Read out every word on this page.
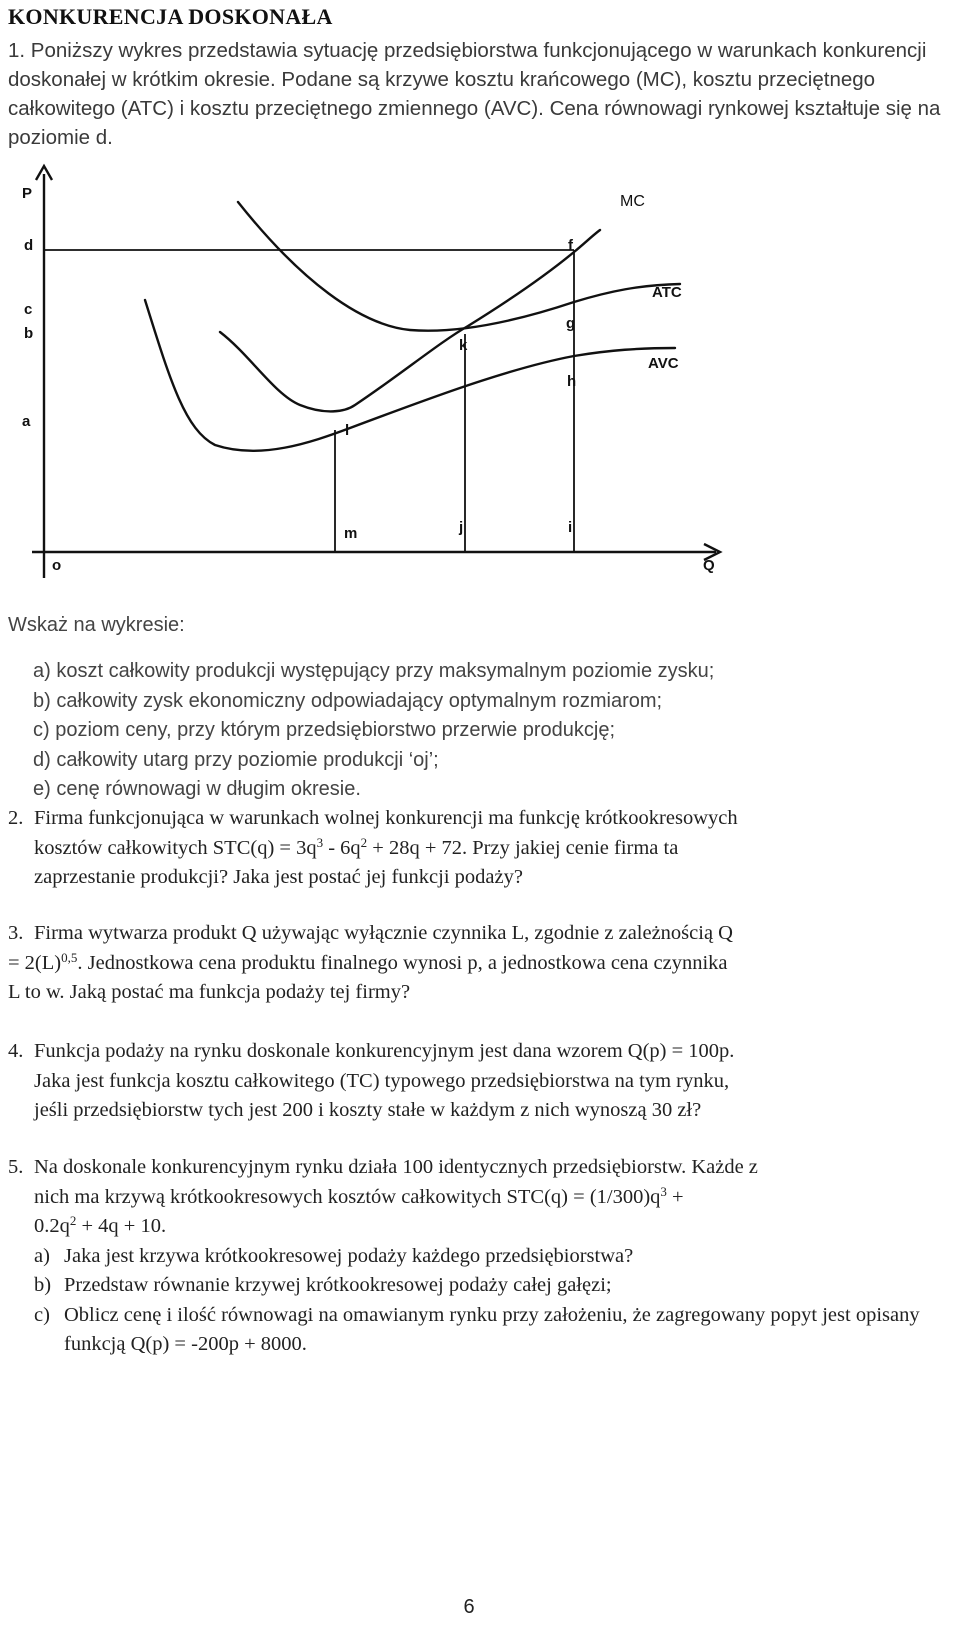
KONKURENCJA DOSKONAŁA
1. Poniższy wykres przedstawia sytuację przedsiębiorstwa funkcjonującego w warunkach konkurencji doskonałej w krótkim okresie. Podane są krzywe kosztu krańcowego (MC), kosztu przeciętnego całkowitego (ATC) i kosztu przeciętnego zmiennego (AVC). Cena równowagi rynkowej kształtuje się na poziomie d.
P
d
c
b
a
o
m	j	i
Q
f
g
h
k
l
MC
ATC
AVC
Wskaż na wykresie:
a) koszt całkowity produkcji występujący przy maksymalnym poziomie zysku;
b) całkowity zysk ekonomiczny odpowiadający optymalnym rozmiarom;
c) poziom ceny, przy którym przedsiębiorstwo przerwie produkcję;
d) całkowity utarg przy poziomie produkcji ‘oj’;
e) cenę równowagi w długim okresie.
2. Firma funkcjonująca w warunkach wolnej konkurencji ma funkcję krótkookresowych
kosztów całkowitych $STC(q) = 3q^3 - 6q^2 + 28q + 72$. Przy jakiej cenie firma ta
zaprzestanie produkcji? Jaka jest postać jej funkcji podaży?
3. Firma wytwarza produkt Q używając wyłącznie czynnika L, zgodnie z zależnością Q
= $2(L)^{0,5}$. Jednostkowa cena produktu finalnego wynosi p, a jednostkowa cena czynnika
L to w. Jaką postać ma funkcja podaży tej firmy?
4. Funkcja podaży na rynku doskonale konkurencyjnym jest dana wzorem Q(p) = 100p.
Jaka jest funkcja kosztu całkowitego (TC) typowego przedsiębiorstwa na tym rynku,
jeśli przedsiębiorstw tych jest 200 i koszty stałe w każdym z nich wynoszą 30 zł?
5. Na doskonale konkurencyjnym rynku działa 100 identycznych przedsiębiorstw. Każde z
nich ma krzywą krótkookresowych kosztów całkowitych $STC(q) = (1/300)q^3$ +
$0.2q^2 + 4q + 10$.
a) Jaka jest krzywa krótkookresowej podaży każdego przedsiębiorstwa?
b) Przedstaw równanie krzywej krótkookresowej podaży całej gałęzi;
c) Oblicz cenę i ilość równowagi na omawianym rynku przy założeniu, że zagregowany popyt jest opisany funkcją Q(p) = -200p + 8000.
6
